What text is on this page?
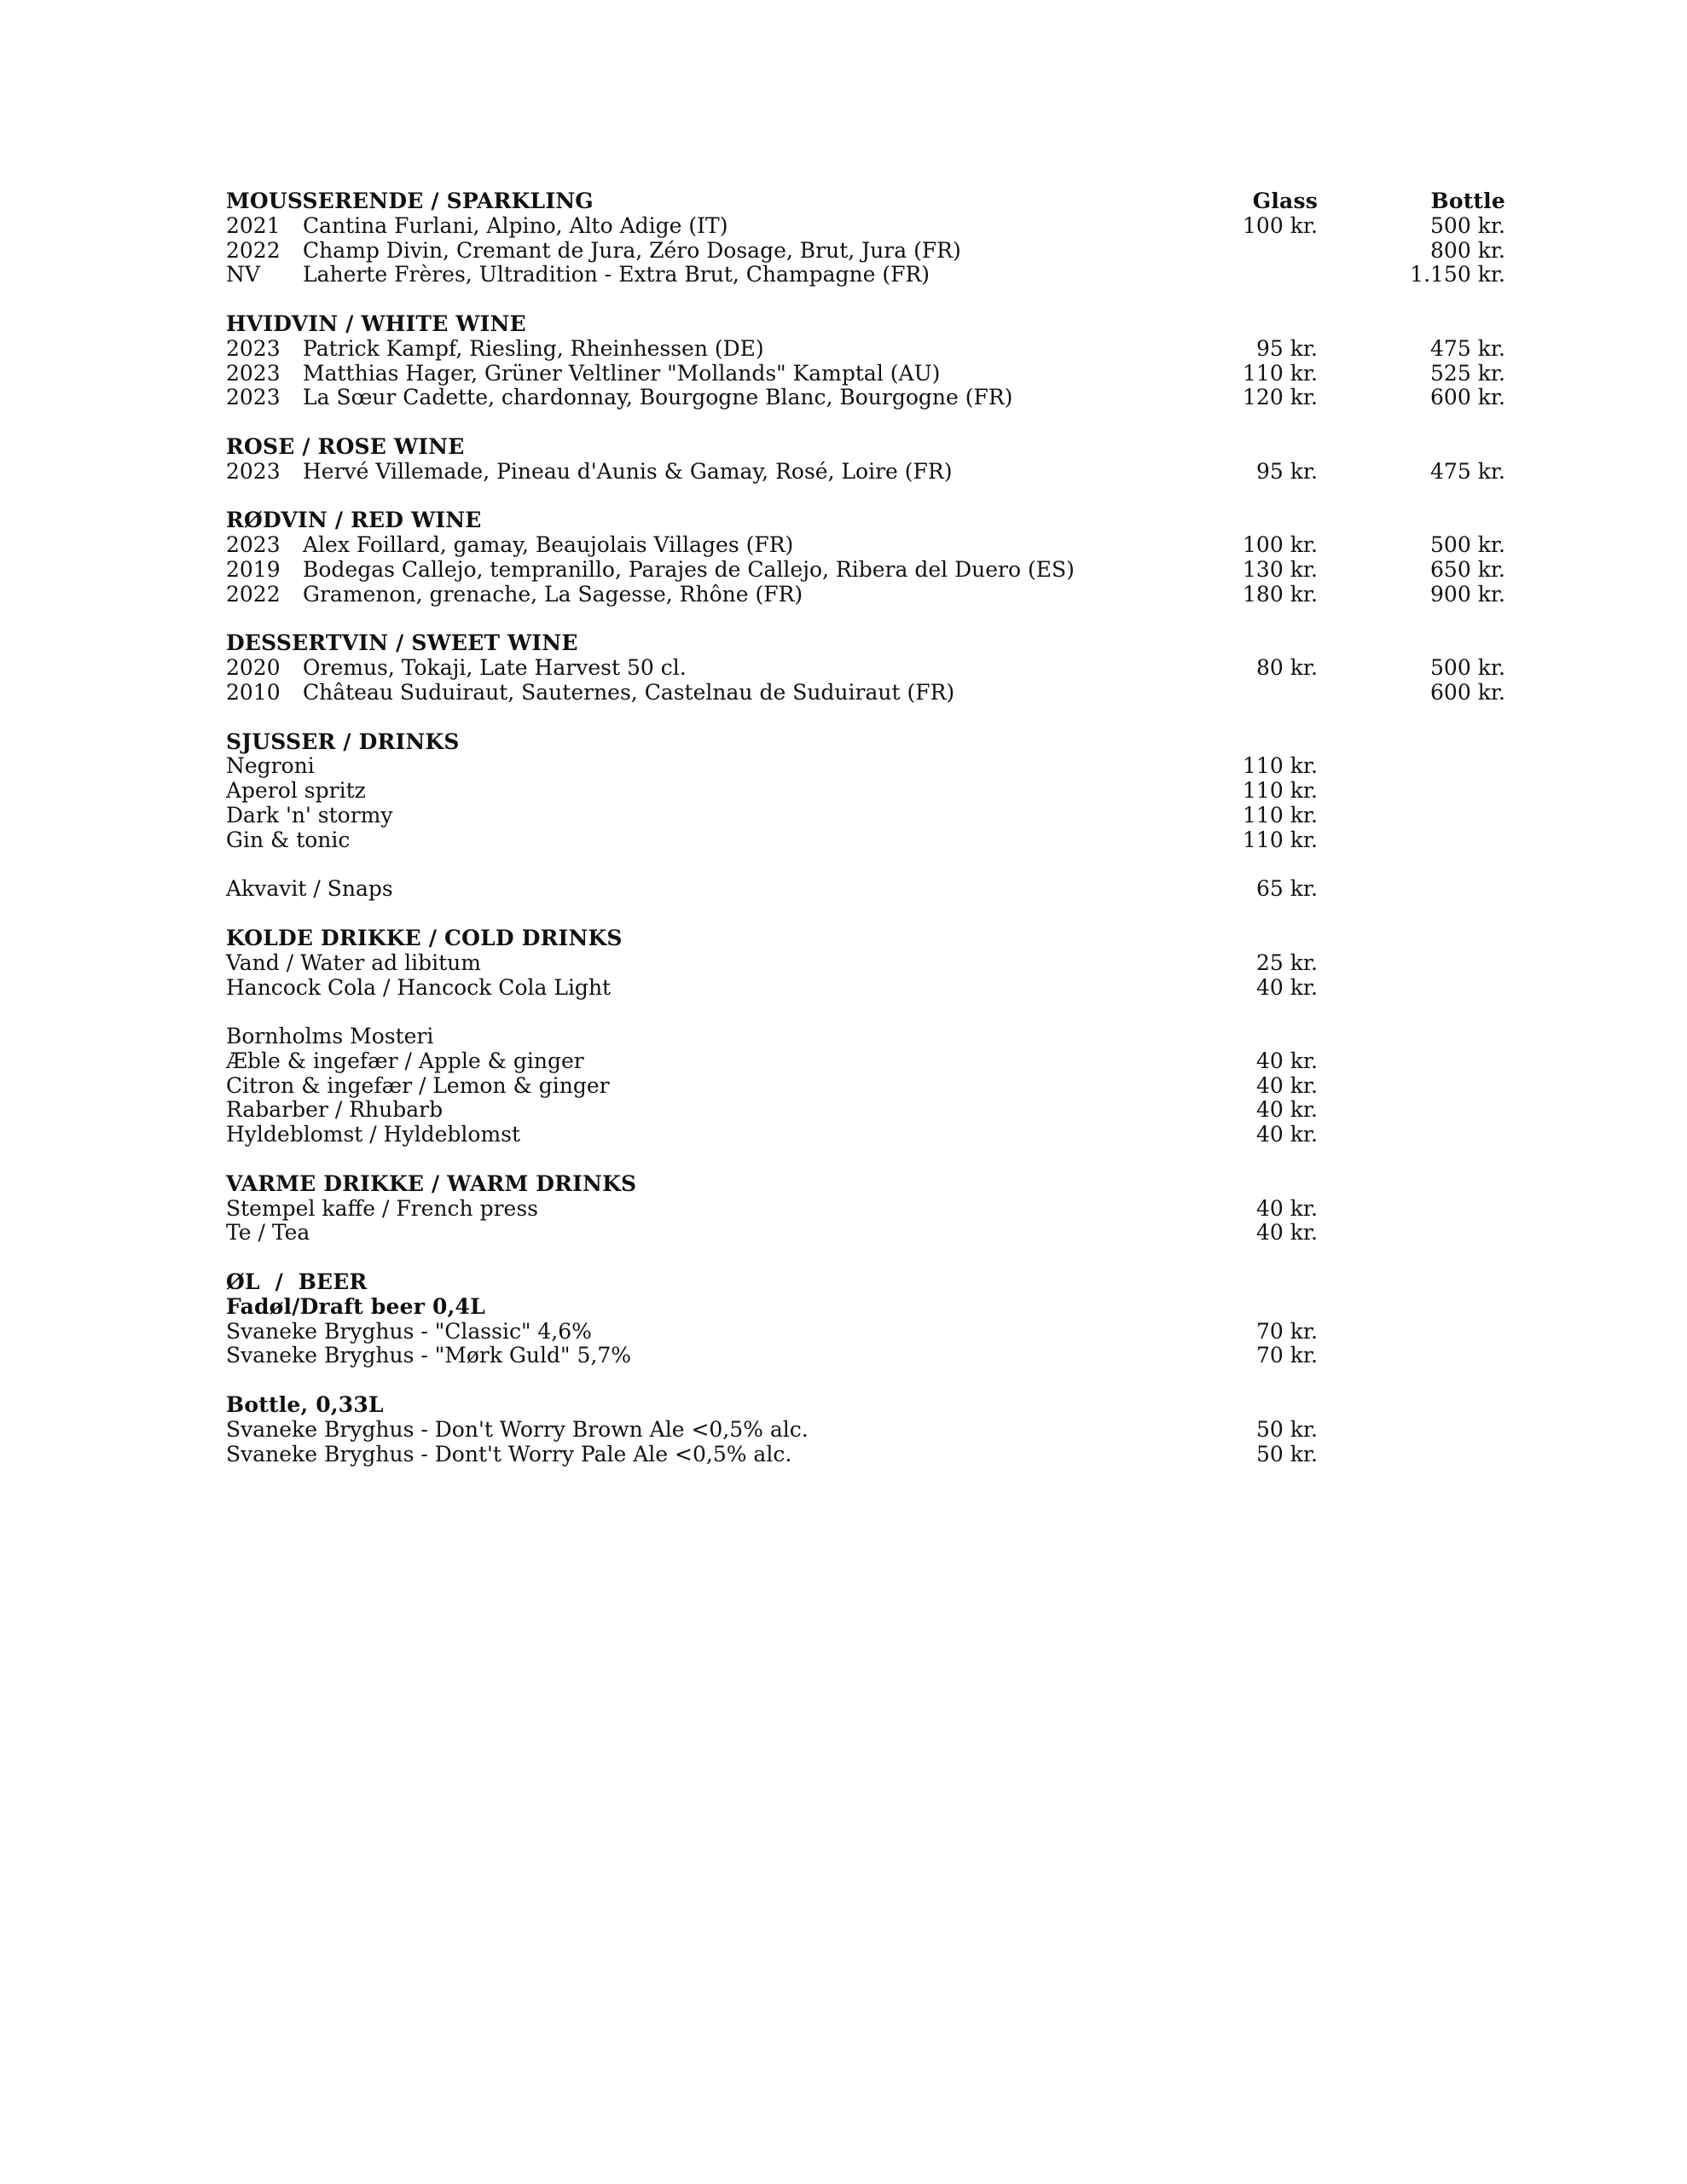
MOUSSERENDE / SPARKLING		Glass	Bottle
2021	Cantina Furlani, Alpino, Alto Adige (IT)	100 kr.	500 kr.
2022	Champ Divin, Cremant de Jura, Zéro Dosage, Brut, Jura (FR)		800 kr.
NV	Laherte Frères, Ultradition - Extra Brut, Champagne (FR)		1.150 kr.

HVIDVIN / WHITE WINE			
2023	Patrick Kampf, Riesling, Rheinhessen (DE)	95 kr.	475 kr.
2023	Matthias Hager, Grüner Veltliner "Mollands" Kamptal (AU)	110 kr.	525 kr.
2023	La Sœur Cadette, chardonnay, Bourgogne Blanc, Bourgogne (FR)	120 kr.	600 kr.

ROSE / ROSE WINE			
2023	Hervé Villemade, Pineau d'Aunis & Gamay, Rosé, Loire (FR)	95 kr.	475 kr.

RØDVIN / RED WINE			
2023	Alex Foillard, gamay, Beaujolais Villages (FR)	100 kr.	500 kr.
2019	Bodegas Callejo, tempranillo, Parajes de Callejo, Ribera del Duero (ES)	130 kr.	650 kr.
2022	Gramenon, grenache, La Sagesse, Rhône (FR)	180 kr.	900 kr.

DESSERTVIN / SWEET WINE			
2020	Oremus, Tokaji, Late Harvest 50 cl.	80 kr.	500 kr.
2010	Château Suduiraut, Sauternes, Castelnau de Suduiraut (FR)		600 kr.

SJUSSER / DRINKS			
Negroni		110 kr.	
Aperol spritz		110 kr.	
Dark 'n' stormy		110 kr.	
Gin & tonic		110 kr.	

Akvavit / Snaps		65 kr.	

KOLDE DRIKKE / COLD DRINKS			
Vand / Water ad libitum		25 kr.	
Hancock Cola / Hancock Cola Light		40 kr.	

Bornholms Mosteri			
Æble & ingefær / Apple & ginger		40 kr.	
Citron & ingefær / Lemon & ginger		40 kr.	
Rabarber / Rhubarb		40 kr.	
Hyldeblomst / Hyldeblomst		40 kr.	

VARME DRIKKE / WARM DRINKS			
Stempel kaffe / French press		40 kr.	
Te / Tea		40 kr.	

ØL  /  BEER			
Fadøl/Draft beer 0,4L			
Svaneke Bryghus - "Classic" 4,6%		70 kr.	
Svaneke Bryghus - "Mørk Guld" 5,7%		70 kr.	

Bottle, 0,33L			
Svaneke Bryghus - Don't Worry Brown Ale <0,5% alc.		50 kr.	
Svaneke Bryghus - Dont't Worry Pale Ale <0,5% alc.		50 kr.	
